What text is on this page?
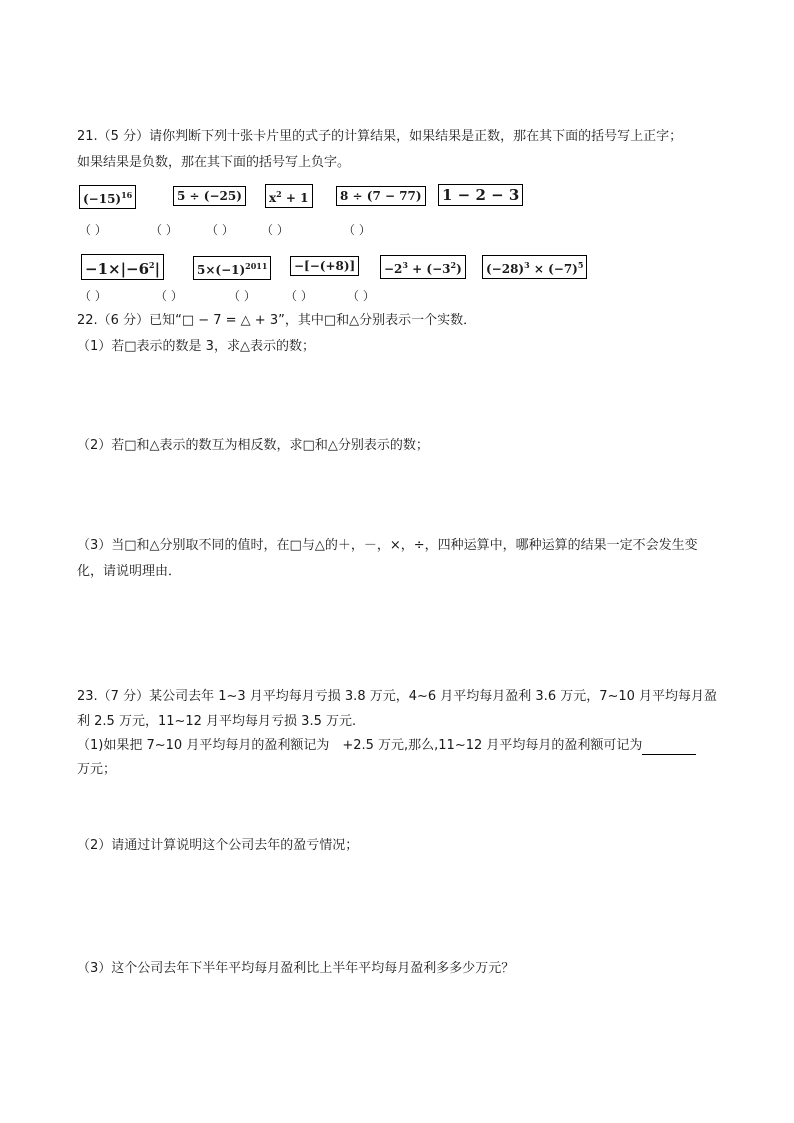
21.（5 分）请你判断下列十张卡片里的式子的计算结果，如果结果是正数，那在其下面的括号写上正字；
如果结果是负数，那在其下面的括号写上负字。
$(-15)^{16}$	5 ÷ (−25)	$x^2 + 1$	8 ÷ (7 − 77) 1 − 2 − 3
（ ）	（ ） （ ） （ ）	（ ）
$-1\times|-6^2|$	$5\times(-1)^{2011}$	−[−(+8)]	$-2^3 + (-3^2)$	$(-28)^3 \times (-7)^5$
（ ）	（ ）	（ ） （ ）	（ ）
22.（6 分）已知“□ − 7 = △ + 3”，其中□和△分别表示一个实数．
（1）若□表示的数是 3，求△表示的数；
（2）若□和△表示的数互为相反数，求□和△分别表示的数；
（3）当□和△分别取不同的值时，在□与△的＋，－，×，÷，四种运算中，哪种运算的结果一定不会发生变
化，请说明理由．
23.（7 分）某公司去年 1~3 月平均每月亏损 3.8 万元，4~6 月平均每月盈利 3.6 万元，7~10 月平均每月盈
利 2.5 万元，11~12 月平均每月亏损 3.5 万元.
（1)如果把 7~10 月平均每月的盈利额记为　+2.5 万元,那么,11~12 月平均每月的盈利额可记为
万元；
（2）请通过计算说明这个公司去年的盈亏情况；
（3）这个公司去年下半年平均每月盈利比上半年平均每月盈利多多少万元？
